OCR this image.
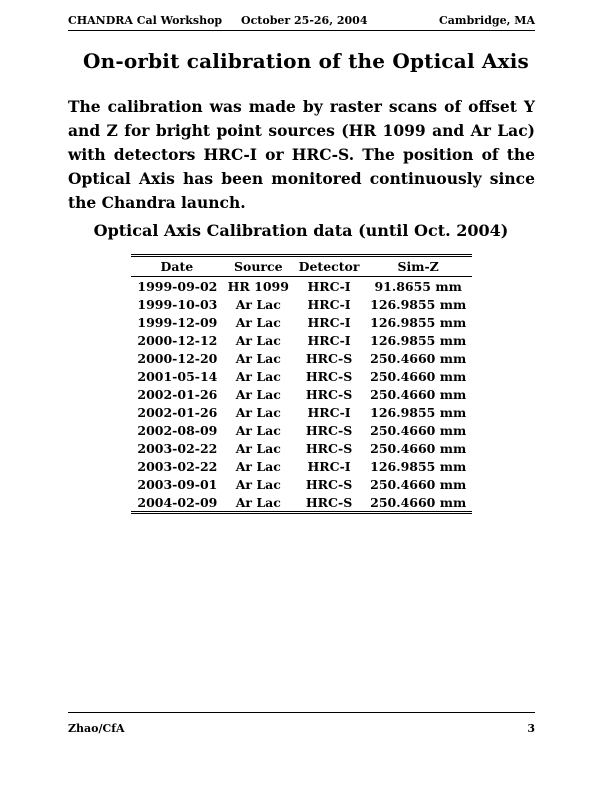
CHANDRA Cal Workshop October 25-26, 2004	Cambridge, MA
On-orbit calibration of the Optical Axis
The calibration was made by raster scans of offset Y and Z for bright point sources (HR 1099 and Ar Lac) with detectors HRC-I or HRC-S. The position of the Optical Axis has been monitored continuously since the Chandra launch.
Optical Axis Calibration data (until Oct. 2004)
Date	Source	Detector	Sim-Z
1999-09-02	HR 1099	HRC-I	91.8655 mm
1999-10-03	Ar Lac	HRC-I	126.9855 mm
1999-12-09	Ar Lac	HRC-I	126.9855 mm
2000-12-12	Ar Lac	HRC-I	126.9855 mm
2000-12-20	Ar Lac	HRC-S	250.4660 mm
2001-05-14	Ar Lac	HRC-S	250.4660 mm
2002-01-26	Ar Lac	HRC-S	250.4660 mm
2002-01-26	Ar Lac	HRC-I	126.9855 mm
2002-08-09	Ar Lac	HRC-S	250.4660 mm
2003-02-22	Ar Lac	HRC-S	250.4660 mm
2003-02-22	Ar Lac	HRC-I	126.9855 mm
2003-09-01	Ar Lac	HRC-S	250.4660 mm
2004-02-09	Ar Lac	HRC-S	250.4660 mm
Zhao/CfA	3
